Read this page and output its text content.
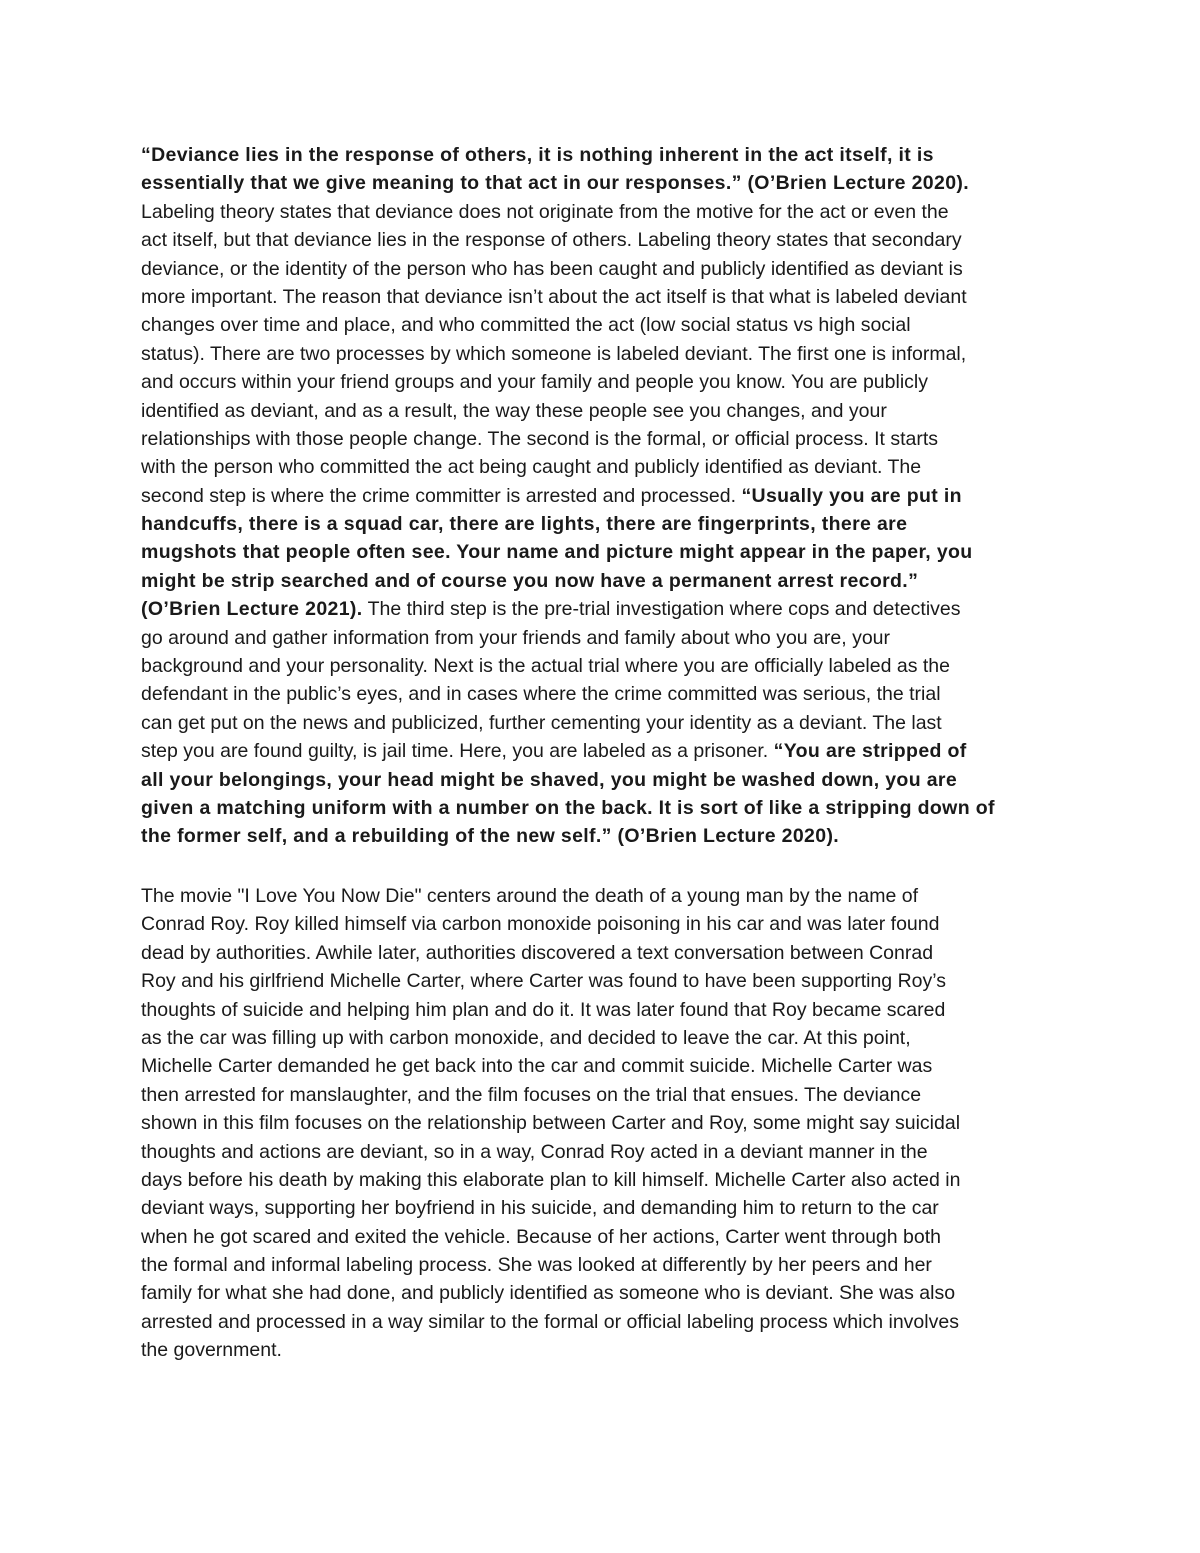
“Deviance lies in the response of others, it is nothing inherent in the act itself, it is
essentially that we give meaning to that act in our responses.” (O’Brien Lecture 2020).
Labeling theory states that deviance does not originate from the motive for the act or even the
act itself, but that deviance lies in the response of others. Labeling theory states that secondary
deviance, or the identity of the person who has been caught and publicly identified as deviant is
more important. The reason that deviance isn’t about the act itself is that what is labeled deviant
changes over time and place, and who committed the act (low social status vs high social
status). There are two processes by which someone is labeled deviant. The first one is informal,
and occurs within your friend groups and your family and people you know. You are publicly
identified as deviant, and as a result, the way these people see you changes, and your
relationships with those people change. The second is the formal, or official process. It starts
with the person who committed the act being caught and publicly identified as deviant. The
second step is where the crime committer is arrested and processed. “Usually you are put in
handcuffs, there is a squad car, there are lights, there are fingerprints, there are
mugshots that people often see. Your name and picture might appear in the paper, you
might be strip searched and of course you now have a permanent arrest record.”
(O’Brien Lecture 2021). The third step is the pre-trial investigation where cops and detectives
go around and gather information from your friends and family about who you are, your
background and your personality. Next is the actual trial where you are officially labeled as the
defendant in the public’s eyes, and in cases where the crime committed was serious, the trial
can get put on the news and publicized, further cementing your identity as a deviant. The last
step you are found guilty, is jail time. Here, you are labeled as a prisoner. “You are stripped of
all your belongings, your head might be shaved, you might be washed down, you are
given a matching uniform with a number on the back. It is sort of like a stripping down of
the former self, and a rebuilding of the new self.” (O’Brien Lecture 2020).
The movie "I Love You Now Die" centers around the death of a young man by the name of
Conrad Roy. Roy killed himself via carbon monoxide poisoning in his car and was later found
dead by authorities. Awhile later, authorities discovered a text conversation between Conrad
Roy and his girlfriend Michelle Carter, where Carter was found to have been supporting Roy’s
thoughts of suicide and helping him plan and do it. It was later found that Roy became scared
as the car was filling up with carbon monoxide, and decided to leave the car. At this point,
Michelle Carter demanded he get back into the car and commit suicide. Michelle Carter was
then arrested for manslaughter, and the film focuses on the trial that ensues. The deviance
shown in this film focuses on the relationship between Carter and Roy, some might say suicidal
thoughts and actions are deviant, so in a way, Conrad Roy acted in a deviant manner in the
days before his death by making this elaborate plan to kill himself. Michelle Carter also acted in
deviant ways, supporting her boyfriend in his suicide, and demanding him to return to the car
when he got scared and exited the vehicle. Because of her actions, Carter went through both
the formal and informal labeling process. She was looked at differently by her peers and her
family for what she had done, and publicly identified as someone who is deviant. She was also
arrested and processed in a way similar to the formal or official labeling process which involves
the government.
